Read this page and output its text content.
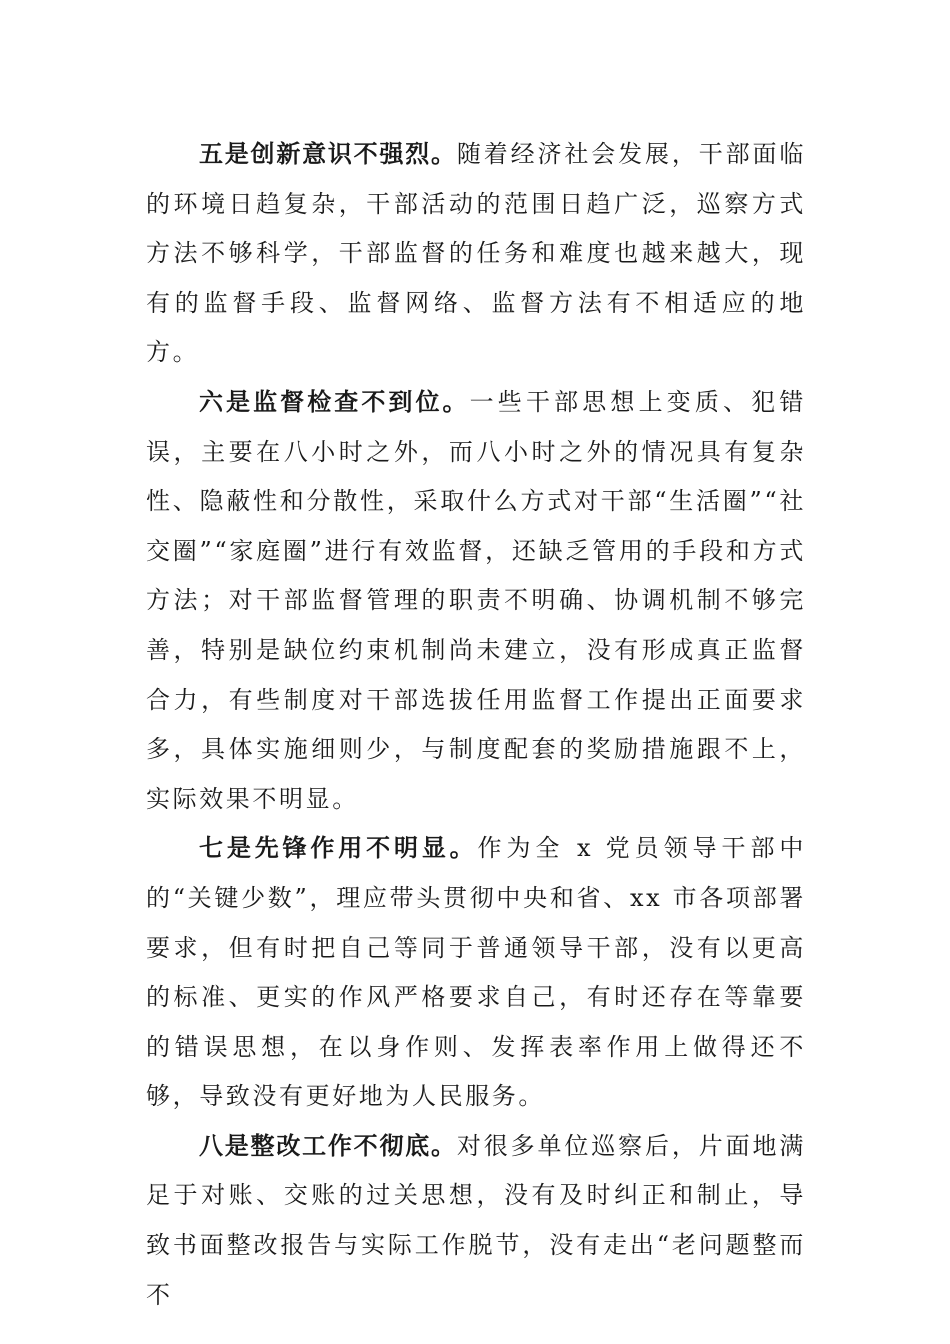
五是创新意识不强烈。随着经济社会发展，干部面临的环境日趋复杂，干部活动的范围日趋广泛，巡察方式方法不够科学，干部监督的任务和难度也越来越大，现有的监督手段、监督网络、监督方法有不相适应的地方。

六是监督检查不到位。一些干部思想上变质、犯错误，主要在八小时之外，而八小时之外的情况具有复杂性、隐蔽性和分散性，采取什么方式对干部“生活圈”“社交圈”“家庭圈”进行有效监督，还缺乏管用的手段和方式方法；对干部监督管理的职责不明确、协调机制不够完善，特别是缺位约束机制尚未建立，没有形成真正监督合力，有些制度对干部选拔任用监督工作提出正面要求多，具体实施细则少，与制度配套的奖励措施跟不上，实际效果不明显。

七是先锋作用不明显。作为全 x 党员领导干部中的“关键少数”，理应带头贯彻中央和省、xx 市各项部署要求，但有时把自己等同于普通领导干部，没有以更高的标准、更实的作风严格要求自己，有时还存在等靠要的错误思想，在以身作则、发挥表率作用上做得还不够，导致没有更好地为人民服务。

八是整改工作不彻底。对很多单位巡察后，片面地满足于对账、交账的过关思想，没有及时纠正和制止，导致书面整改报告与实际工作脱节，没有走出“老问题整而不
